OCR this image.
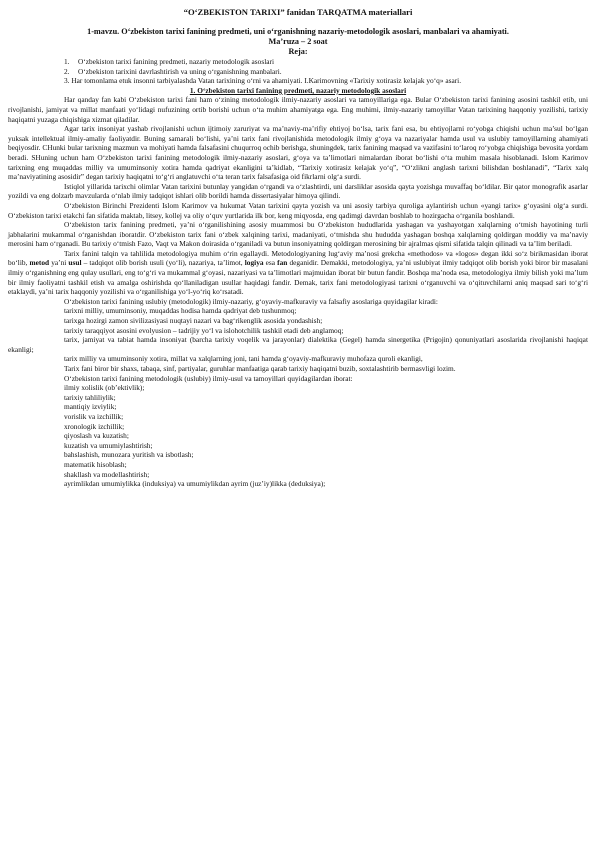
“O‘ZBEKISTON TARIXI” fanidan TARQATMA materiallari

1-mavzu. O‘zbekiston tarixi fanining predmeti, uni o‘rganishning nazariy-metodologik asoslari, manbalari va ahamiyati.

Ma’ruza – 2 soat

Reja:

1.	O‘zbekiston tarixi fanining predmeti, nazariy metodologik asoslari
2.	O‘zbekiston tarixini davrlashtirish va uning o‘rganishning manbalari.

3. Har tomonlama etuk insonni tarbiyalashda Vatan tarixining o‘rni va ahamiyati. I.Karimovning «Tarixiy xotirasiz kelajak yo‘q» asari.

1. O‘zbekiston tarixi fanining predmeti, nazariy metodologik asoslari

Har qanday fan kabi O‘zbekiston tarixi fani ham o‘zining metodologik ilmiy-nazariy asoslari va tamoyillariga ega. Bular O‘zbekiston tarixi fanining asosini tashkil etib, uni rivojlanishi, jamiyat va millat manfaati yo‘lidagi nufuzining ortib borishi uchun o‘ta muhim ahamiyatga ega. Eng muhimi, ilmiy-nazariy tamoyillar Vatan tarixining haqqoniy yozilishi, tarixiy haqiqatni yuzaga chiqishiga xizmat qiladilar.

Agar tarix insoniyat yashab rivojlanishi uchun ijtimoiy zaruriyat va ma’naviy-ma’rifiy ehtiyoj bo‘lsa, tarix fani esa, bu ehtiyojlarni ro‘yobga chiqishi uchun ma’sul bo‘lgan yuksak intellektual ilmiy-amaliy faoliyatdir. Buning samarali bo‘lishi, ya’ni tarix fani rivojlanishida metodologik ilmiy g‘oya va nazariyalar hamda usul va uslubiy tamoyillarning ahamiyati beqiyosdir. CHunki bular tarixning mazmun va mohiyati hamda falsafasini chuqurroq ochib berishga, shuningdek, tarix fanining maqsad va vazifasini to‘laroq ro‘yobga chiqishiga bevosita yordam beradi. SHuning uchun ham O‘zbekiston tarixi fanining metodologik ilmiy-nazariy asoslari, g‘oya va ta’limotlari nimalardan iborat bo‘lishi o‘ta muhim masala hisoblanadi. Islom Karimov tarixning eng muqaddas milliy va umuminsoniy xotira hamda qadriyat ekanligini ta’kidlab, “Tarixiy xotirasiz kelajak yo‘q”, “O‘zlikni anglash tarixni bilishdan boshlanadi”, “Tarix xalq ma’naviyatining asosidir” degan tarixiy haqiqatni to‘g‘ri anglatuvchi o‘ta teran tarix falsafasiga oid fikrlarni olg‘a surdi.

Istiqlol yillarida tarixchi olimlar Vatan tarixini butunlay yangidan o‘rgandi va o‘zlashtirdi, uni darsliklar asosida qayta yozishga muvaffaq bo‘ldilar. Bir qator monografik asarlar yozildi va eng dolzarb mavzularda o‘nlab ilmiy tadqiqot ishlari olib borildi hamda dissertasiyalar himoya qilindi.

O‘zbekiston Birinchi Prezidenti Islom Karimov va hukumat Vatan tarixini qayta yozish va uni asosiy tarbiya quroliga aylantirish uchun «yangi tarix» g‘oyasini olg‘a surdi. O‘zbekiston tarixi etakchi fan sifatida maktab, litsey, kollej va oliy o‘quv yurtlarida ilk bor, keng miqyosda, eng qadimgi davrdan boshlab to hozirgacha o‘rganila boshlandi.

O‘zbekiston tarix fanining predmeti, ya’ni o‘rganilishining asosiy muammosi bu O‘zbekiston hududlarida yashagan va yashayotgan xalqlarning o‘tmish hayotining turli jabhalarini mukammal o‘rganishdan iboratdir. O‘zbekiston tarix fani o‘zbek xalqining tarixi, madaniyati, o‘tmishda shu hududda yashagan boshqa xalqlarning qoldirgan moddiy va ma’naviy merosini ham o‘rganadi. Bu tarixiy o‘tmish Fazo, Vaqt va Makon doirasida o‘rganiladi va butun insoniyatning qoldirgan merosining bir ajralmas qismi sifatida talqin qilinadi va ta’lim beriladi.

Tarix fanini talqin va tahlilida metodologiya muhim o‘rin egallaydi. Metodologiyaning lug‘aviy ma’nosi grekcha «methodos» va «logos» degan ikki so‘z birikmasidan iborat bo‘lib, metod ya’ni usul – tadqiqot olib borish usuli (yo‘li), nazariya, ta’limot, logiya esa fan deganidir. Demakki, metodologiya, ya’ni uslubiyat ilmiy tadqiqot olib borish yoki biror bir masalani ilmiy o‘rganishning eng qulay usullari, eng to‘g‘ri va mukammal g‘oyasi, nazariyasi va ta’limotlari majmuidan iborat bir butun fandir. Boshqa ma’noda esa, metodologiya ilmiy bilish yoki ma’lum bir ilmiy faoliyatni tashkil etish va amalga oshirishda qo‘llaniladigan usullar haqidagi fandir. Demak, tarix fani metodologiyasi tarixni o‘rganuvchi va o‘qituvchilarni aniq maqsad sari to‘g‘ri etaklaydi, ya’ni tarix haqqoniy yozilishi va o‘rganilishiga yo‘l-yo‘riq ko‘rsatadi.

O‘zbekiston tarixi fanining uslubiy (metodologik) ilmiy-nazariy, g‘oyaviy-mafkuraviy va falsafiy asoslariga quyidagilar kiradi:

tarixni milliy, umuminsoniy, muqaddas hodisa hamda qadriyat deb tushunmoq;

tarixga hozirgi zamon sivilizasiyasi nuqtayi nazari va bag‘rikenglik asosida yondashish;

tarixiy taraqqiyot asosini evolyusion – tadrijiy yo‘l va islohotchilik tashkil etadi deb anglamoq;

tarix, jamiyat va tabiat hamda insoniyat (barcha tarixiy voqelik va jarayonlar) dialektika (Gegel) hamda sinergetika (Prigojin) qonuniyatlari asoslarida rivojlanishi haqiqat ekanligi;

tarix milliy va umuminsoniy xotira, millat va xalqlarning joni, tani hamda g‘oyaviy-mafkuraviy muhofaza quroli ekanligi,

Tarix fani biror bir shaxs, tabaqa, sinf, partiyalar, guruhlar manfaatiga qarab tarixiy haqiqatni buzib, soxtalashtirib bermasvligi lozim.

O‘zbekiston tarixi fanining metodologik (uslubiy) ilmiy-usul va tamoyillari quyidagilardan iborat:

ilmiy xolislik (ob’ektivlik);

tarixiy tahliliylik;

mantiqiy izviylik;

vorislik va izchillik;

xronologik izchillik;

qiyoslash va kuzatish;

kuzatish va umumiylashtirish;

bahslashish, munozara yuritish va isbotlash;

matematik hisoblash;

shakllash va modellashtirish;

ayrimlikdan umumiylikka (induksiya) va umumiylikdan ayrim (juz’iy)likka (deduksiya);
